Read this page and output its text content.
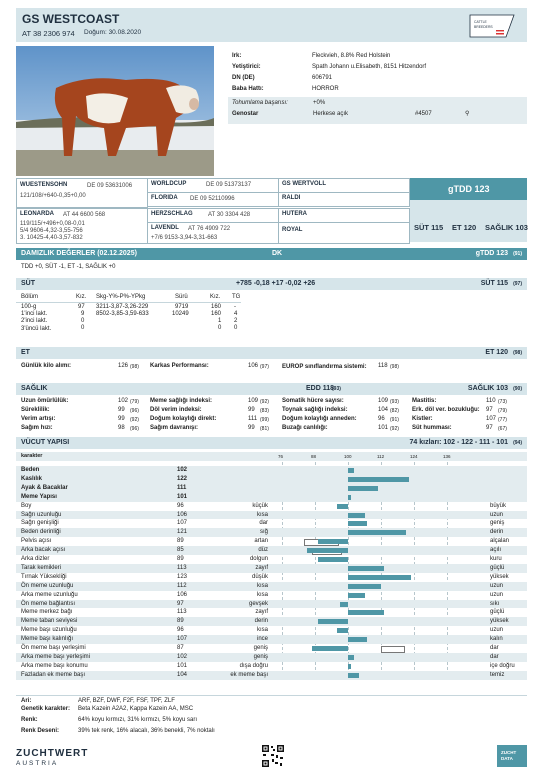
GS WESTCOAST
AT 38 2306 974 Doğum: 30.08.2020
CATTLE
BREEDERS
Irk:	Fleckvieh, 8.8% Red Holstein
Yetiştirici:	Spath Johann u.Elisabeth, 8151 Hitzendorf
DN (DE)	606791
Baba Hattı:	HORROR
Tohumlama başarısı:	+0%
Genostar	Herkese açık	#4507	⚲
WUESTENSOHN	DE 09 53631006
121/108/+640-0,35+0,00
WORLDCUP	DE 09 51373137	GS WERTVOLL
FLORIDA DE 09 52110996	RALDI
LEONARDA AT 44 6600 568
119/115/+496+0,08-0,01
5/4 9606-4,32-3,55-756
3. 10425-4,40-3,57-832
HERZSCHLAG	AT 30 3304 428	HUTERA
LAVENDL AT 76 4909 722
+7/6 9153-3,94-3,31-663
ROYAL
gTDD 123
SÜT 115 ET 120 SAĞLIK 103
DAMIZLIK DEĞERLER (02.12.2025)	DK	gTDD 123 (91)
TDD +0, SÜT -1, ET -1, SAĞLIK +0
SÜT	+785 -0,18 +17 -0,02 +26	SÜT 115 (97)
Bölüm	Kız. Skg-Y%-P%-YPkg	Sürü	Kız. TG
100-g	97 3211-3,87-3,26-229	9719	160 -
1'inci lakt.	9 8502-3,85-3,59-633	10249	160 4
2'inci lakt.	0	1 2
3'üncü lakt.	0	0 0
ET	ET 120 (98)
Günlük kilo alımı:	126 (98) Karkas Performansı:	106 (97) EUROP sınıflandırma sistemi:	118 (98)
SAĞLIK	EDD 118
(93)	SAĞLIK 103 (90)
Uzun ömürlülük:	102 (79) Meme sağlığı indeksi:	109 (92) Somatik hücre sayısı:	109 (93) Mastitis:	110 (73)
Süreklilik:	99 (96) Döl verim indeksi:	99 (83) Toynak sağlığı indeksi:	104 (82) Erk. döl ver. bozukluğu: 97 (79)
Verim artışı:	99 (92) Doğum kolaylığı direkt:	111 (99) Doğum kolaylığı anneden:	96 (91) Kistler:	107 (77)
Sağım hızı:	98 (96) Sağım davranışı:	99 (81) Buzağı canlılığı:	101 (92) Süt humması:	97 (67)
VÜCUT YAPISI	74 kızları: 102 - 122 - 111 - 101 (94)
karakter	76	88	100	112	124	136
Beden	102
Kaslılık	122
Ayak & Bacaklar	111
Meme Yapısı	101
Boy	96	küçük	büyük
Sağrı uzunluğu	106	kısa	uzun
Sağrı genişliği	107	dar	geniş
Beden derinliği	121	sığ	derin
Pelvis açısı	89	artan	alçalan
Arka bacak açısı	85	düz	açılı
Arka dizler	89	dolgun	kuru
Tarak kemikleri	113	zayıf	güçlü
Tırnak Yüksekliği	123	düşük	yüksek
Ön meme uzunluğu	112	kısa	uzun
Arka meme uzunluğu	106	kısa	uzun
Ön meme bağlantısı	97	gevşek	sıkı
Meme merkez bağı	113	zayıf	güçlü
Meme taban seviyesi	89	derin	yüksek
Meme başı uzunluğu	96	kısa	uzun
Meme başı kalınlığı	107	ince	kalın
Ön meme başı yerleşimi	87	geniş	dar
Arka meme başı yerleşimi	102	geniş	dar
Arka meme başı konumu	101	dışa doğru	içe doğru
Fazladan ek meme başı	104	ek meme başı	temiz
Ari:	ARF, BZF, DWF, F2F, FSF, TPF, ZLF
Genetik karakter: Beta Kazein A2A2, Kappa Kazein AA, MSC
Renk:	64% koyu kırmızı, 31% kırmızı, 5% koyu sarı
Renk Deseni:	39% tek renk, 16% alacalı, 36% benekli, 7% noktalı
ZUCHTWERT
AUSTRIA
ZUCHT
DATA
